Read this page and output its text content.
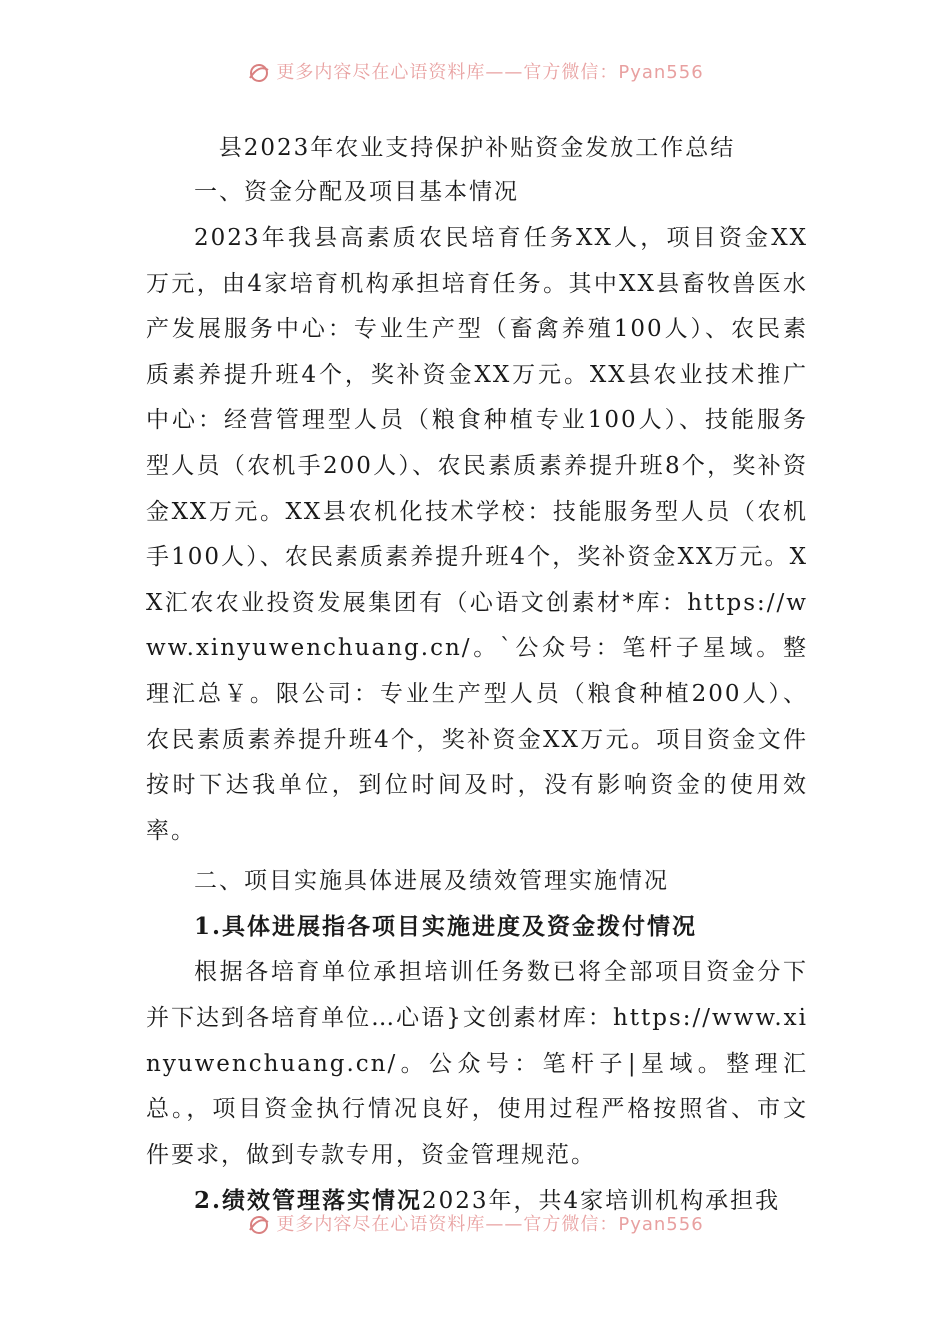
更多内容尽在心语资料库——官方微信：Pyan556
县2023年农业支持保护补贴资金发放工作总结
一、资金分配及项目基本情况

2023年我县高素质农民培育任务XX人，项目资金XX万元，由4家培育机构承担培育任务。其中XX县畜牧兽医水产发展服务中心：专业生产型（畜禽养殖100人）、农民素质素养提升班4个，奖补资金XX万元。XX县农业技术推广中心：经营管理型人员（粮食种植专业100人）、技能服务型人员（农机手200人）、农民素质素养提升班8个，奖补资金XX万元。XX县农机化技术学校：技能服务型人员（农机手100人）、农民素质素养提升班4个，奖补资金XX万元。XX汇农农业投资发展集团有（心语文创素材*库：https://www.xinyuwenchuang.cn/。`公众号：笔杆子星域。整理汇总￥。限公司：专业生产型人员（粮食种植200人）、农民素质素养提升班4个，奖补资金XX万元。项目资金文件按时下达我单位，到位时间及时，没有影响资金的使用效率。

二、项目实施具体进展及绩效管理实施情况
1.具体进展指各项目实施进度及资金拨付情况

根据各培育单位承担培训任务数已将全部项目资金分下并下达到各培育单位…心语}文创素材库：https://www.xinyuwenchuang.cn/。公众号：笔杆子|星域。整理汇总。，项目资金执行情况良好，使用过程严格按照省、市文件要求，做到专款专用，资金管理规范。

2.绩效管理落实情况2023年，共4家培训机构承担我

更多内容尽在心语资料库——官方微信：Pyan556
